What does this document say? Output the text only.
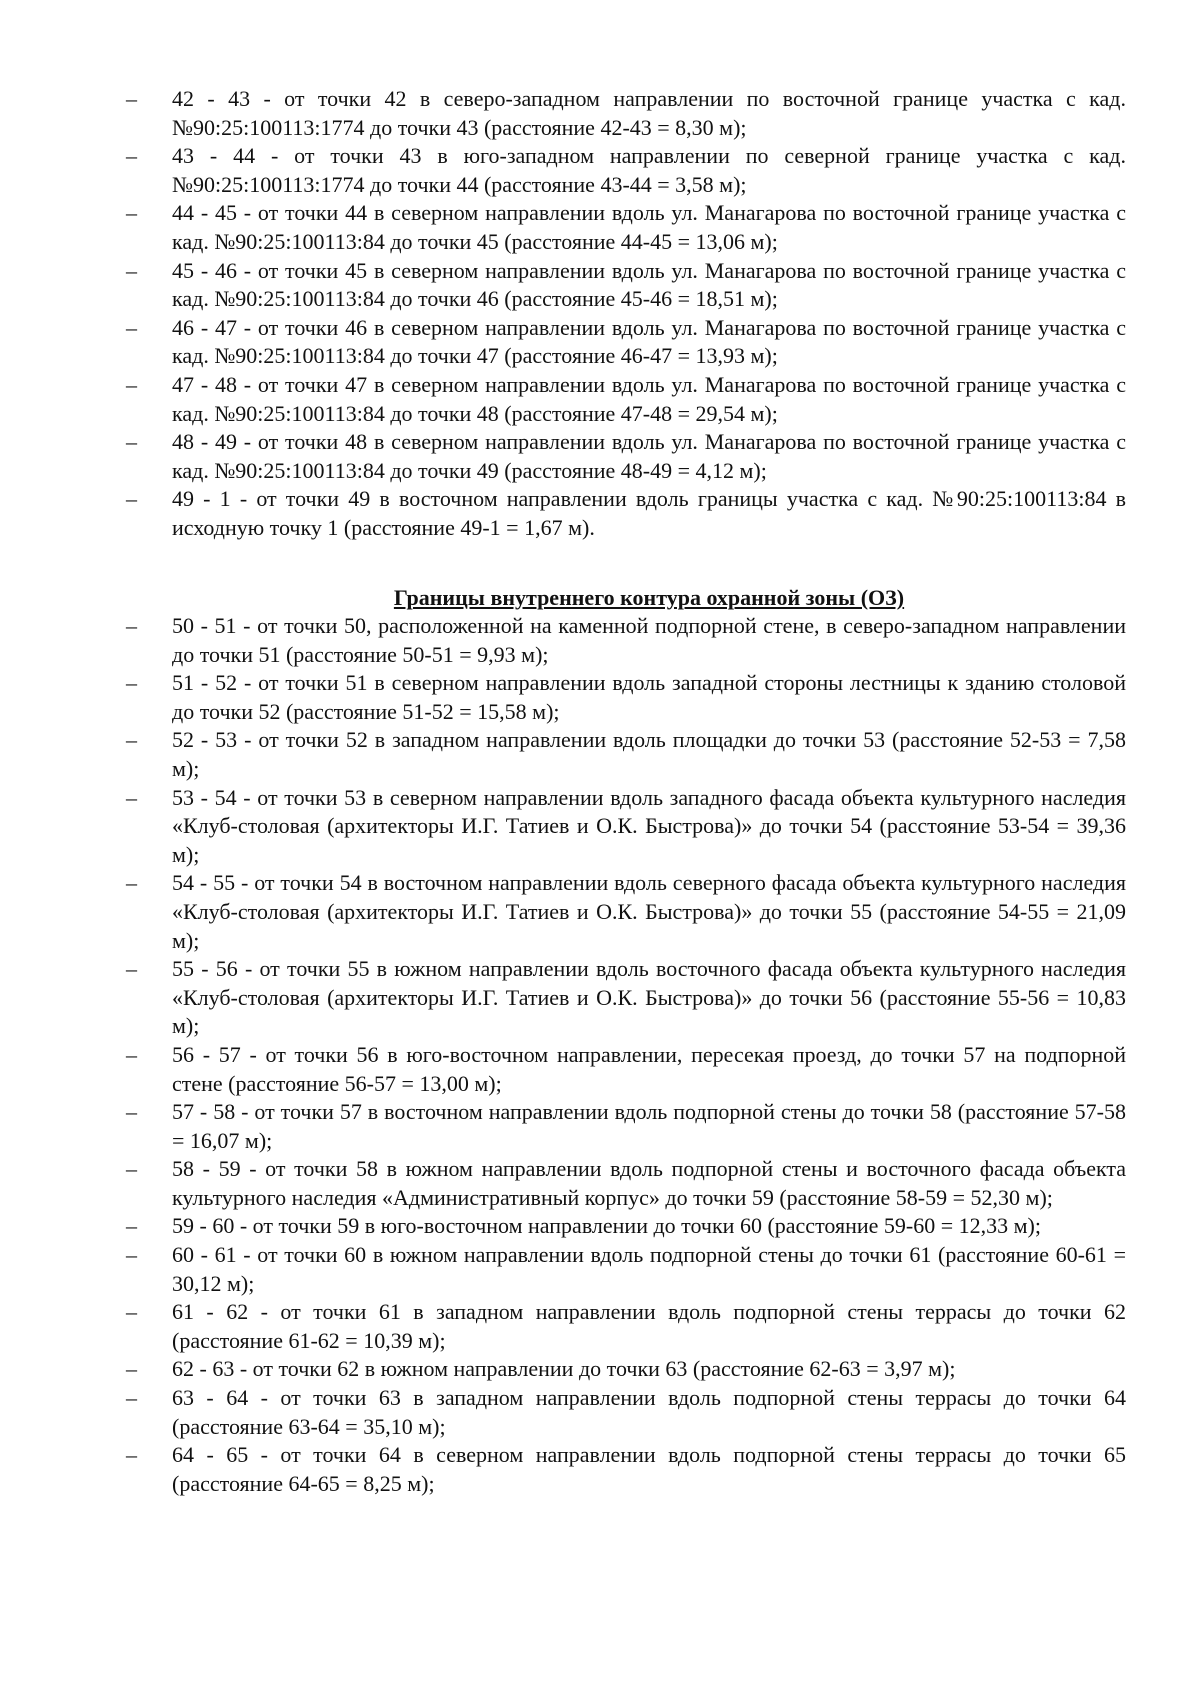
–	42 - 43 - от точки 42 в северо-западном направлении по восточной границе участка с кад. №90:25:100113:1774 до точки 43 (расстояние 42-43 = 8,30 м);
–	43 - 44 - от точки 43 в юго-западном направлении по северной границе участка с кад. №90:25:100113:1774 до точки 44 (расстояние 43-44 = 3,58 м);
–	44 - 45 - от точки 44 в северном направлении вдоль ул. Манагарова по восточной границе участка с кад. №90:25:100113:84 до точки 45 (расстояние 44-45 = 13,06 м);
–	45 - 46 - от точки 45 в северном направлении вдоль ул. Манагарова по восточной границе участка с кад. №90:25:100113:84 до точки 46 (расстояние 45-46 = 18,51 м);
–	46 - 47 - от точки 46 в северном направлении вдоль ул. Манагарова по восточной границе участка с кад. №90:25:100113:84 до точки 47 (расстояние 46-47 = 13,93 м);
–	47 - 48 - от точки 47 в северном направлении вдоль ул. Манагарова по восточной границе участка с кад. №90:25:100113:84 до точки 48 (расстояние 47-48 = 29,54 м);
–	48 - 49 - от точки 48 в северном направлении вдоль ул. Манагарова по восточной границе участка с кад. №90:25:100113:84 до точки 49 (расстояние 48-49 = 4,12 м);
–	49 - 1 - от точки 49 в восточном направлении вдоль границы участка с кад. №90:25:100113:84 в исходную точку 1 (расстояние 49-1 = 1,67 м).
Границы внутреннего контура охранной зоны (ОЗ)
–	50 - 51 - от точки 50, расположенной на каменной подпорной стене, в северо-западном направлении до точки 51 (расстояние 50-51 = 9,93 м);
–	51 - 52 - от точки 51 в северном направлении вдоль западной стороны лестницы к зданию столовой до точки 52 (расстояние 51-52 = 15,58 м);
–	52 - 53 - от точки 52 в западном направлении вдоль площадки до точки 53 (расстояние 52-53 = 7,58 м);
–	53 - 54 - от точки 53 в северном направлении вдоль западного фасада объекта культурного наследия «Клуб-столовая (архитекторы И.Г. Татиев и О.К. Быстрова)» до точки 54 (расстояние 53-54 = 39,36 м);
–	54 - 55 - от точки 54 в восточном направлении вдоль северного фасада объекта культурного наследия «Клуб-столовая (архитекторы И.Г. Татиев и О.К. Быстрова)» до точки 55 (расстояние 54-55 = 21,09 м);
–	55 - 56 - от точки 55 в южном направлении вдоль восточного фасада объекта культурного наследия «Клуб-столовая (архитекторы И.Г. Татиев и О.К. Быстрова)» до точки 56 (расстояние 55-56 = 10,83 м);
–	56 - 57 - от точки 56 в юго-восточном направлении, пересекая проезд, до точки 57 на подпорной стене (расстояние 56-57 = 13,00 м);
–	57 - 58 - от точки 57 в восточном направлении вдоль подпорной стены до точки 58 (расстояние 57-58 = 16,07 м);
–	58 - 59 - от точки 58 в южном направлении вдоль подпорной стены и восточного фасада объекта культурного наследия «Административный корпус» до точки 59 (расстояние 58-59 = 52,30 м);
–	59 - 60 - от точки 59 в юго-восточном направлении до точки 60 (расстояние 59-60 = 12,33 м);
–	60 - 61 - от точки 60 в южном направлении вдоль подпорной стены до точки 61 (расстояние 60-61 = 30,12 м);
–	61 - 62 - от точки 61 в западном направлении вдоль подпорной стены террасы до точки 62 (расстояние 61-62 = 10,39 м);
–	62 - 63 - от точки 62 в южном направлении до точки 63 (расстояние 62-63 = 3,97 м);
–	63 - 64 - от точки 63 в западном направлении вдоль подпорной стены террасы до точки 64 (расстояние 63-64 = 35,10 м);
–	64 - 65 - от точки 64 в северном направлении вдоль подпорной стены террасы до точки 65 (расстояние 64-65 = 8,25 м);
